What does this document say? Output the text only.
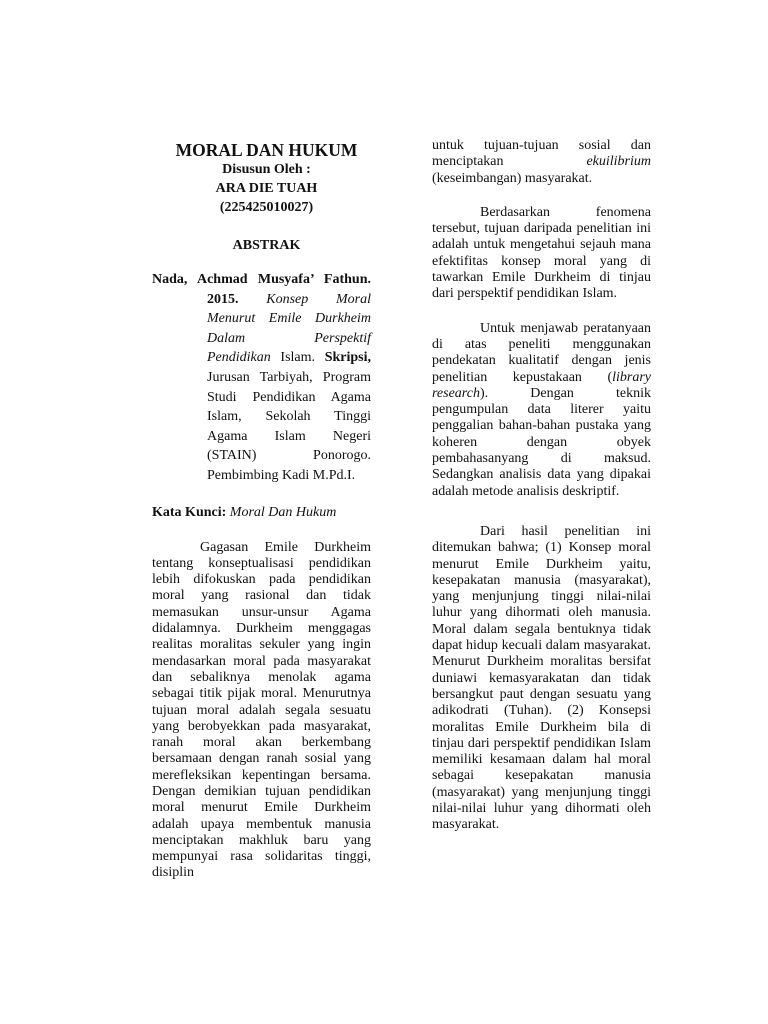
MORAL DAN HUKUM
Disusun Oleh :
ARA DIE TUAH
(225425010027)
ABSTRAK
Nada, Achmad Musyafa’ Fathun. 2015. Konsep Moral Menurut Emile Durkheim Dalam Perspektif Pendidikan Islam. Skripsi, Jurusan Tarbiyah, Program Studi Pendidikan Agama Islam, Sekolah Tinggi Agama Islam Negeri (STAIN) Ponorogo. Pembimbing Kadi M.Pd.I.
Kata Kunci: Moral Dan Hukum

Gagasan Emile Durkheim tentang konseptualisasi pendidikan lebih difokuskan pada pendidikan moral yang rasional dan tidak memasukan unsur-unsur Agama didalamnya. Durkheim menggagas realitas moralitas sekuler yang ingin mendasarkan moral pada masyarakat dan sebaliknya menolak agama sebagai titik pijak moral. Menurutnya tujuan moral adalah segala sesuatu yang berobyekkan pada masyarakat, ranah moral akan berkembang bersamaan dengan ranah sosial yang merefleksikan kepentingan bersama. Dengan demikian tujuan pendidikan moral menurut Emile Durkheim adalah upaya membentuk manusia menciptakan makhluk baru yang mempunyai rasa solidaritas tinggi, disiplin

untuk tujuan-tujuan sosial dan menciptakan	ekuilibrium (keseimbangan) masyarakat.

Berdasarkan fenomena tersebut, tujuan daripada penelitian ini adalah untuk mengetahui sejauh mana efektifitas konsep moral yang di tawarkan Emile Durkheim di tinjau dari perspektif pendidikan Islam.

Untuk menjawab peratanyaan di atas peneliti menggunakan pendekatan kualitatif dengan jenis penelitian kepustakaan (library research). Dengan teknik pengumpulan data literer yaitu penggalian bahan-bahan pustaka yang koheren dengan obyek pembahasanyang di maksud. Sedangkan analisis data yang dipakai adalah metode analisis deskriptif.

Dari hasil penelitian ini ditemukan bahwa; (1) Konsep moral menurut Emile Durkheim yaitu, kesepakatan manusia (masyarakat), yang menjunjung tinggi nilai-nilai luhur yang dihormati oleh manusia. Moral dalam segala bentuknya tidak dapat hidup kecuali dalam masyarakat. Menurut Durkheim moralitas bersifat duniawi kemasyarakatan dan tidak bersangkut paut dengan sesuatu yang adikodrati (Tuhan). (2) Konsepsi moralitas Emile Durkheim bila di tinjau dari perspektif pendidikan Islam memiliki kesamaan dalam hal moral sebagai kesepakatan manusia (masyarakat) yang menjunjung tinggi nilai-nilai luhur yang dihormati oleh masyarakat.
